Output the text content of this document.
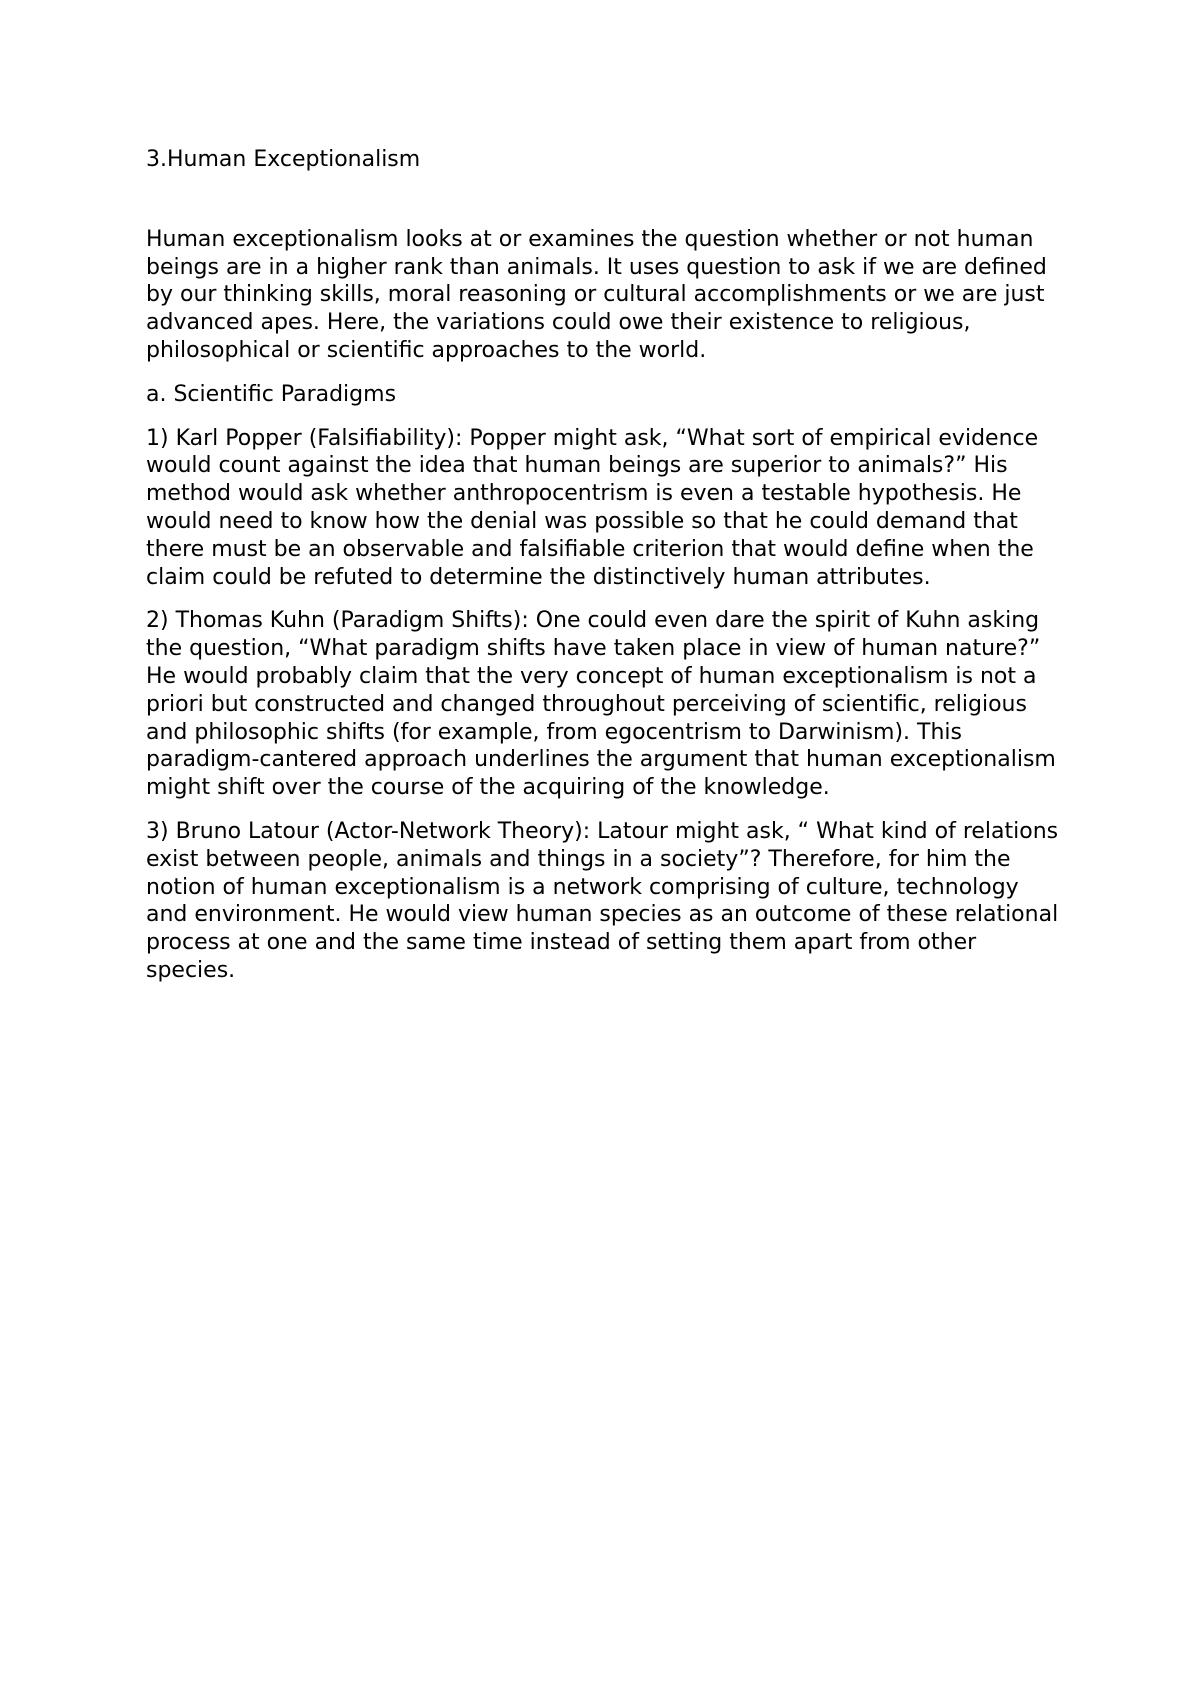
3.Human Exceptionalism

Human exceptionalism looks at or examines the question whether or not human beings are in a higher rank than animals. It uses question to ask if we are defined by our thinking skills, moral reasoning or cultural accomplishments or we are just advanced apes. Here, the variations could owe their existence to religious, philosophical or scientific approaches to the world.

a. Scientific Paradigms

1) Karl Popper (Falsifiability): Popper might ask, “What sort of empirical evidence would count against the idea that human beings are superior to animals?” His method would ask whether anthropocentrism is even a testable hypothesis. He would need to know how the denial was possible so that he could demand that there must be an observable and falsifiable criterion that would define when the claim could be refuted to determine the distinctively human attributes.

2) Thomas Kuhn (Paradigm Shifts): One could even dare the spirit of Kuhn asking the question, “What paradigm shifts have taken place in view of human nature?” He would probably claim that the very concept of human exceptionalism is not a priori but constructed and changed throughout perceiving of scientific, religious and philosophic shifts (for example, from egocentrism to Darwinism). This paradigm-cantered approach underlines the argument that human exceptionalism might shift over the course of the acquiring of the knowledge.

3) Bruno Latour (Actor-Network Theory): Latour might ask, “ What kind of relations exist between people, animals and things in a society”? Therefore, for him the notion of human exceptionalism is a network comprising of culture, technology and environment. He would view human species as an outcome of these relational process at one and the same time instead of setting them apart from other species.
